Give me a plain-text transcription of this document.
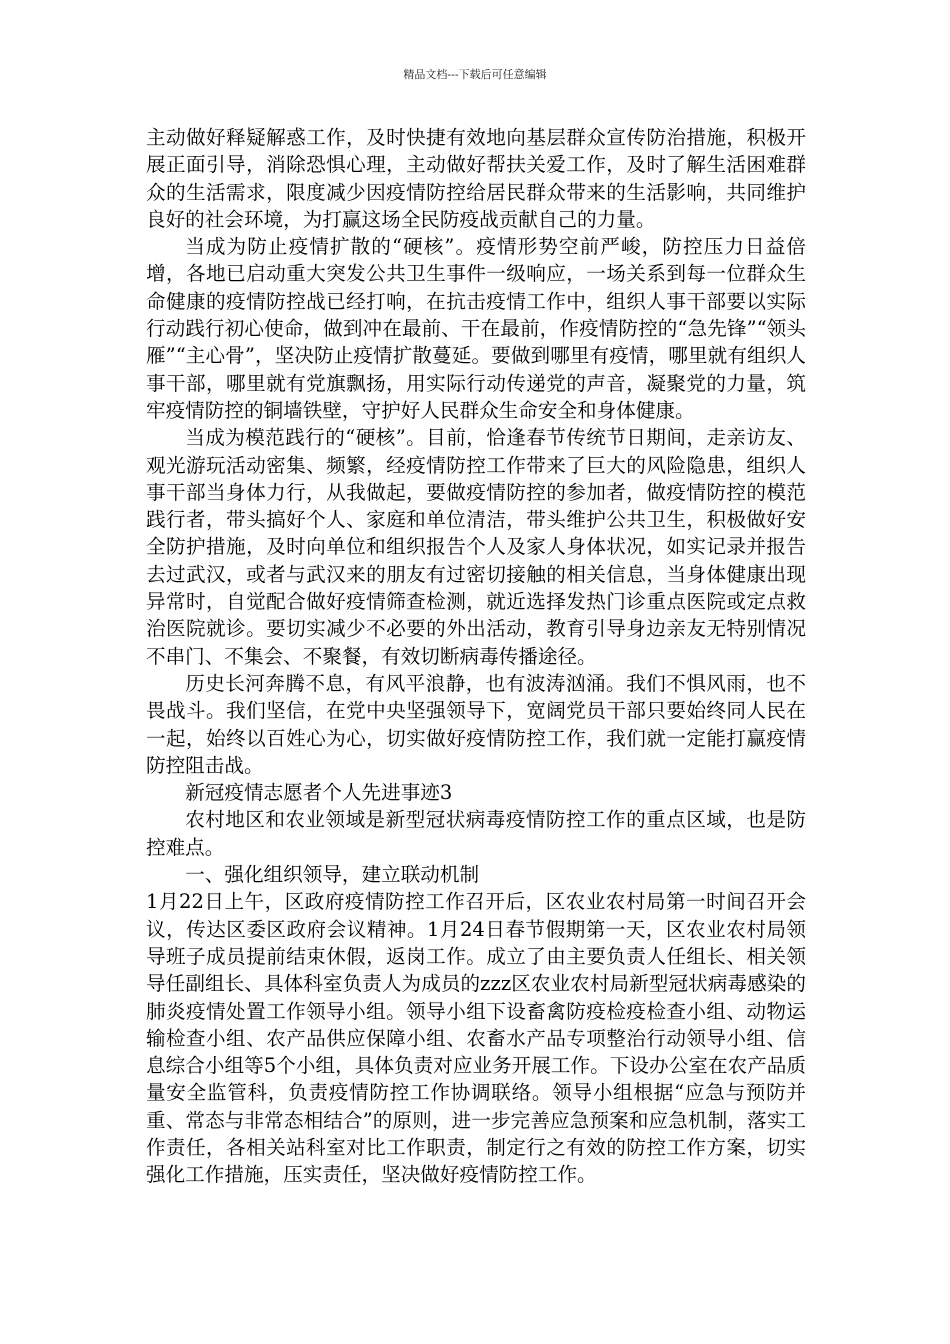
精品文档---下载后可任意编辑

主动做好释疑解惑工作，及时快捷有效地向基层群众宣传防治措施，积极开展正面引导，消除恐惧心理，主动做好帮扶关爱工作，及时了解生活困难群众的生活需求，限度减少因疫情防控给居民群众带来的生活影响，共同维护良好的社会环境，为打赢这场全民防疫战贡献自己的力量。

当成为防止疫情扩散的“硬核”。疫情形势空前严峻，防控压力日益倍增，各地已启动重大突发公共卫生事件一级响应，一场关系到每一位群众生命健康的疫情防控战已经打响，在抗击疫情工作中，组织人事干部要以实际行动践行初心使命，做到冲在最前、干在最前，作疫情防控的“急先锋”“领头雁”“主心骨”，坚决防止疫情扩散蔓延。要做到哪里有疫情，哪里就有组织人事干部，哪里就有党旗飘扬，用实际行动传递党的声音，凝聚党的力量，筑牢疫情防控的铜墙铁壁，守护好人民群众生命安全和身体健康。

当成为模范践行的“硬核”。目前，恰逢春节传统节日期间，走亲访友、观光游玩活动密集、频繁，经疫情防控工作带来了巨大的风险隐患，组织人事干部当身体力行，从我做起，要做疫情防控的参加者，做疫情防控的模范践行者，带头搞好个人、家庭和单位清洁，带头维护公共卫生，积极做好安全防护措施，及时向单位和组织报告个人及家人身体状况，如实记录并报告去过武汉，或者与武汉来的朋友有过密切接触的相关信息，当身体健康出现异常时，自觉配合做好疫情筛查检测，就近选择发热门诊重点医院或定点救治医院就诊。要切实减少不必要的外出活动，教育引导身边亲友无特别情况不串门、不集会、不聚餐，有效切断病毒传播途径。

历史长河奔腾不息，有风平浪静，也有波涛汹涌。我们不惧风雨，也不畏战斗。我们坚信，在党中央坚强领导下，宽阔党员干部只要始终同人民在一起，始终以百姓心为心，切实做好疫情防控工作，我们就一定能打赢疫情防控阻击战。

新冠疫情志愿者个人先进事迹3

农村地区和农业领域是新型冠状病毒疫情防控工作的重点区域，也是防控难点。

一、强化组织领导，建立联动机制

1月22日上午，区政府疫情防控工作召开后，区农业农村局第一时间召开会议，传达区委区政府会议精神。1月24日春节假期第一天，区农业农村局领导班子成员提前结束休假，返岗工作。成立了由主要负责人任组长、相关领导任副组长、具体科室负责人为成员的zzz区农业农村局新型冠状病毒感染的肺炎疫情处置工作领导小组。领导小组下设畜禽防疫检疫检查小组、动物运输检查小组、农产品供应保障小组、农畜水产品专项整治行动领导小组、信息综合小组等5个小组，具体负责对应业务开展工作。下设办公室在农产品质量安全监管科，负责疫情防控工作协调联络。领导小组根据“应急与预防并重、常态与非常态相结合”的原则，进一步完善应急预案和应急机制，落实工作责任，各相关站科室对比工作职责，制定行之有效的防控工作方案，切实强化工作措施，压实责任，坚决做好疫情防控工作。
